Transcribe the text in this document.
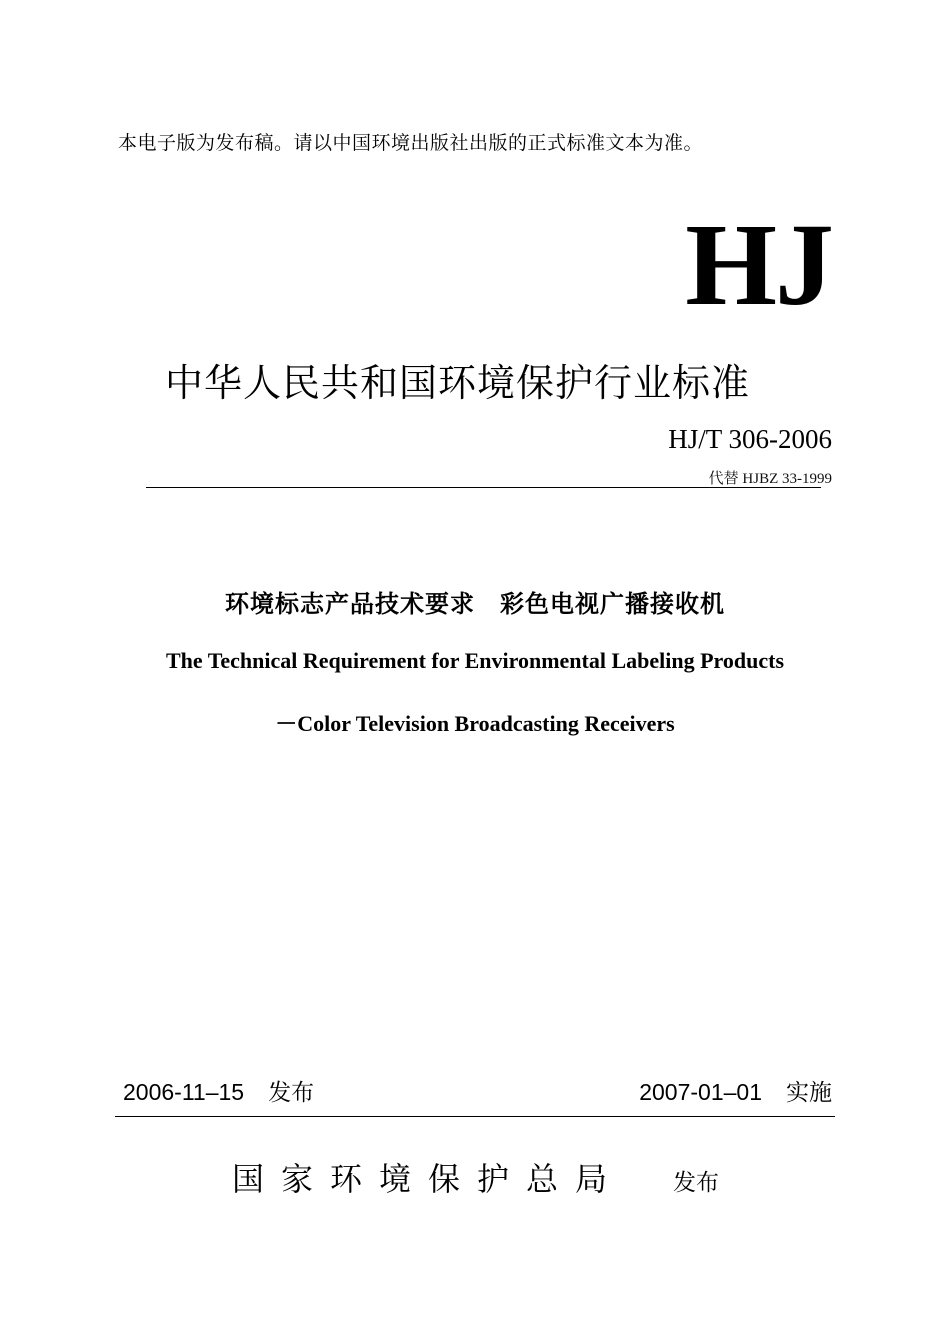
本电子版为发布稿。请以中国环境出版社出版的正式标准文本为准。
HJ
中华人民共和国环境保护行业标准
HJ/T 306-2006
代替 HJBZ 33-1999
环境标志产品技术要求　彩色电视广播接收机
The Technical Requirement for Environmental Labeling Products
－Color Television Broadcasting Receivers
2006-11–15 发布	2007-01–01 实施
国家环境保护总局 发布
